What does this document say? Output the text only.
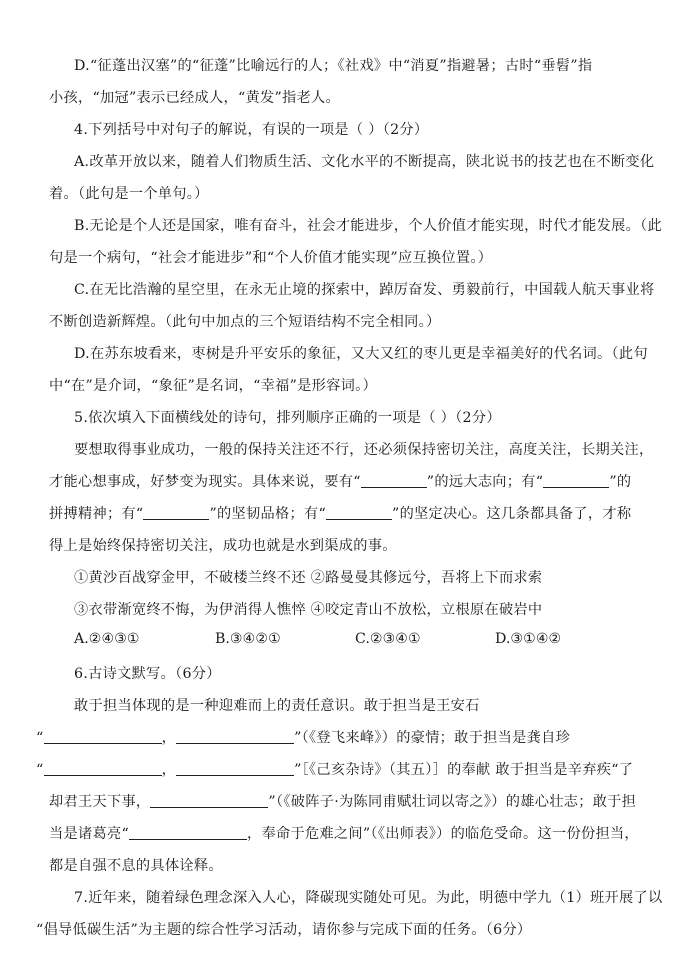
D.“征蓬出汉塞”的“征蓬”比喻远行的人；《社戏》中“消夏”指避暑；古时“垂髫”指
小孩，“加冠”表示已经成人，“黄发”指老人。
4.下列括号中对句子的解说，有误的一项是（ ）（2分）
A.改革开放以来，随着人们物质生活、文化水平的不断提高，陕北说书的技艺也在不断变化
着。（此句是一个单句。）
B.无论是个人还是国家，唯有奋斗，社会才能进步，个人价值才能实现，时代才能发展。（此
句是一个病句，“社会才能进步”和“个人价值才能实现”应互换位置。）
C.在无比浩瀚的星空里，在永无止境的探索中，踔厉奋发、勇毅前行，中国载人航天事业将
不断创造新辉煌。（此句中加点的三个短语结构不完全相同。）
D.在苏东坡看来，枣树是升平安乐的象征，又大又红的枣儿更是幸福美好的代名词。（此句
中“在”是介词，“象征”是名词，“幸福”是形容词。）
5.依次填入下面横线处的诗句，排列顺序正确的一项是（ ）（2分）
要想取得事业成功，一般的保持关注还不行，还必须保持密切关注，高度关注，长期关注，
才能心想事成，好梦变为现实。具体来说，要有“	”的远大志向；有“	”的
拼搏精神；有“	”的坚韧品格；有“	”的坚定决心。这几条都具备了，才称
得上是始终保持密切关注，成功也就是水到渠成的事。
①黄沙百战穿金甲，不破楼兰终不还 ②路曼曼其修远兮，吾将上下而求索
③衣带渐宽终不悔，为伊消得人憔悴 ④咬定青山不放松，立根原在破岩中
A.②④③①	B.③④②①	C.②③④①	D.③①④②
6.古诗文默写。（6分）
敢于担当体现的是一种迎难而上的责任意识。敢于担当是王安石
“	，	”（《登飞来峰》）的豪情；敢于担当是龚自珍
“	，	”［《己亥杂诗》（其五）］的奉献 敢于担当是辛弃疾“了
却君王天下事，	”（《破阵子·为陈同甫赋壮词以寄之》）的雄心壮志；敢于担
当是诸葛亮“	，奉命于危难之间”（《出师表》）的临危受命。这一份份担当，
都是自强不息的具体诠释。
7.近年来，随着绿色理念深入人心，降碳现实随处可见。为此，明德中学九（1）班开展了以
“倡导低碳生活”为主题的综合性学习活动，请你参与完成下面的任务。（6分）
